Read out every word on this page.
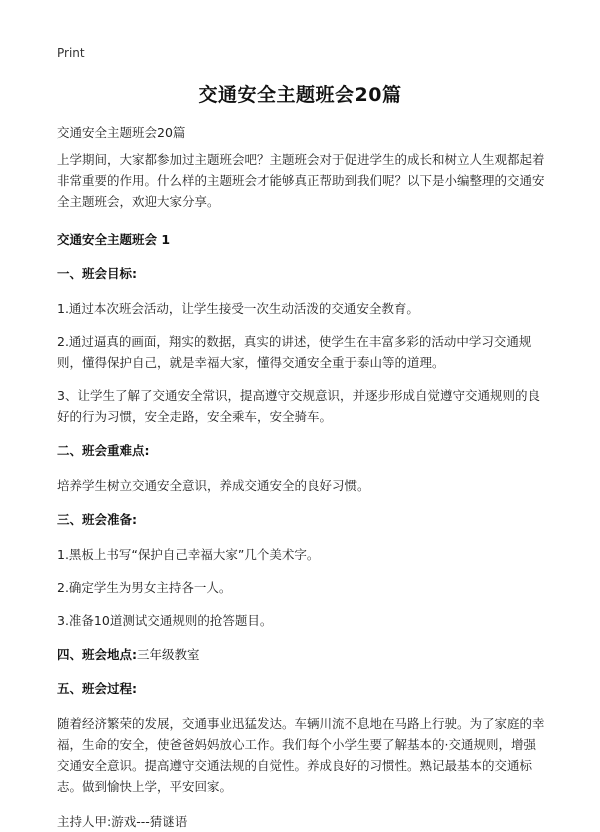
Print
交通安全主题班会20篇

交通安全主题班会20篇

上学期间，大家都参加过主题班会吧？主题班会对于促进学生的成长和树立人生观都起着非常重要的作用。什么样的主题班会才能够真正帮助到我们呢？以下是小编整理的交通安全主题班会，欢迎大家分享。

交通安全主题班会 1

一、班会目标:

1.通过本次班会活动，让学生接受一次生动活泼的交通安全教育。

2.通过逼真的画面，翔实的数据，真实的讲述，使学生在丰富多彩的活动中学习交通规则，懂得保护自己，就是幸福大家，懂得交通安全重于泰山等的道理。

3、让学生了解了交通安全常识，提高遵守交规意识，并逐步形成自觉遵守交通规则的良好的行为习惯，安全走路，安全乘车，安全骑车。

二、班会重难点:

培养学生树立交通安全意识，养成交通安全的良好习惯。

三、班会准备:

1.黑板上书写“保护自己幸福大家”几个美术字。

2.确定学生为男女主持各一人。

3.准备10道测试交通规则的抢答题目。

四、班会地点:三年级教室

五、班会过程:

随着经济繁荣的发展，交通事业迅猛发达。车辆川流不息地在马路上行驶。为了家庭的幸福，生命的安全，使爸爸妈妈放心工作。我们每个小学生要了解基本的·交通规则，增强交通安全意识。提高遵守交通法规的自觉性。养成良好的习惯性。熟记最基本的交通标志。做到愉快上学，平安回家。

主持人甲:游戏---猜谜语
